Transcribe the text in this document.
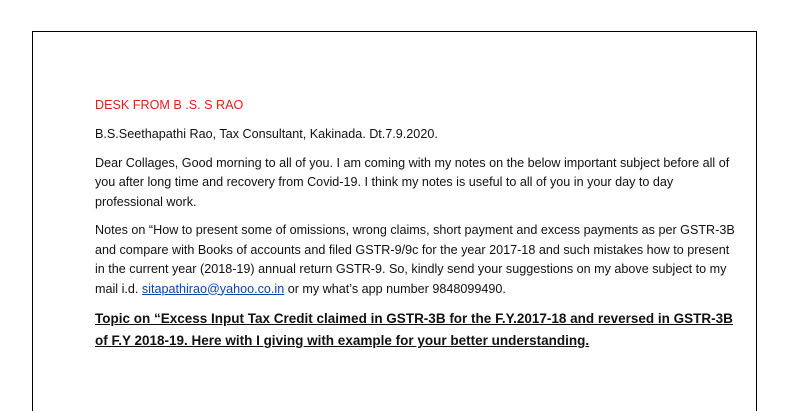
DESK FROM B .S. S RAO
B.S.Seethapathi Rao, Tax Consultant, Kakinada. Dt.7.9.2020.
Dear Collages, Good morning to all of you. I am coming with my notes on the below important subject before all of you after long time and recovery from Covid-19. I think my notes is useful to all of you in your day to day professional work.
Notes on “How to present some of omissions, wrong claims, short payment and excess payments as per GSTR-3B and compare with Books of accounts and filed GSTR-9/9c for the year 2017-18 and such mistakes how to present in the current year (2018-19) annual return GSTR-9. So, kindly send your suggestions on my above subject to my mail i.d. sitapathirao@yahoo.co.in or my what’s app number 9848099490.
Topic on “Excess Input Tax Credit claimed in GSTR-3B for the F.Y.2017-18 and reversed in GSTR-3B of F.Y 2018-19. Here with I giving with example for your better understanding.
